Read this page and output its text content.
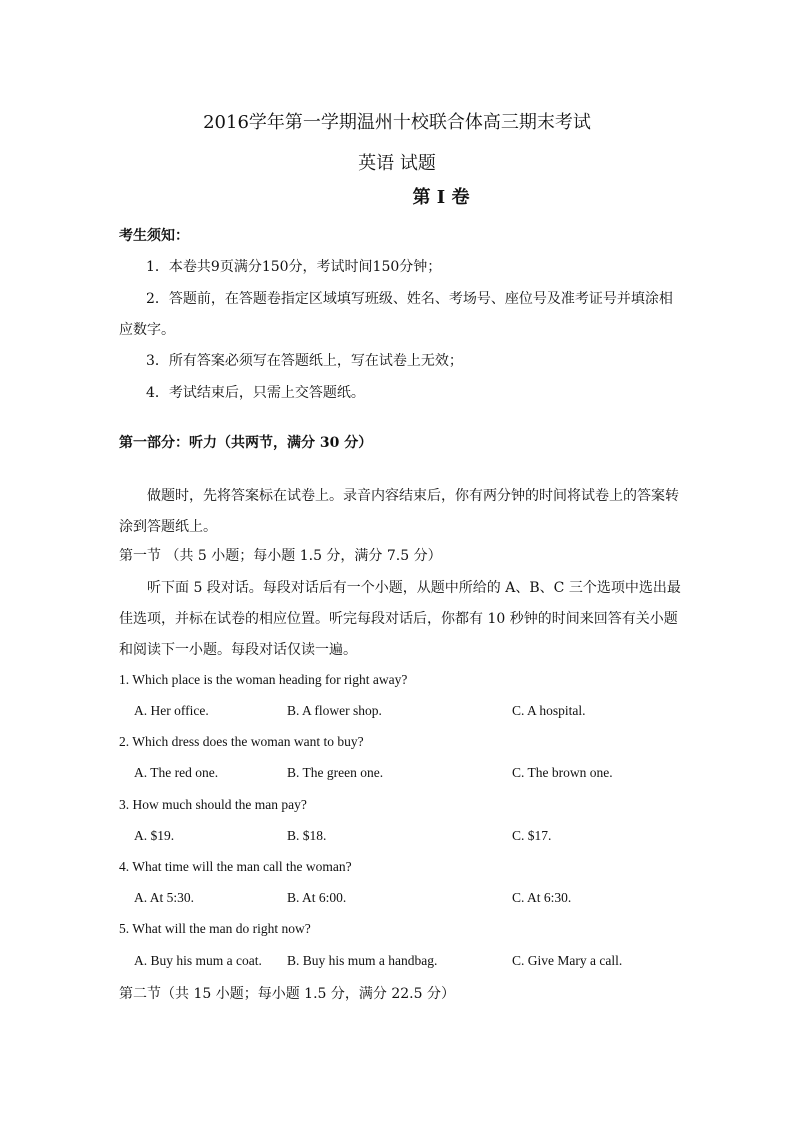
2016学年第一学期温州十校联合体高三期末考试
英语 试题
第 I 卷
考生须知：
1．本卷共9页满分150分，考试时间150分钟；
2．答题前，在答题卷指定区域填写班级、姓名、考场号、座位号及准考证号并填涂相
应数字。
3．所有答案必须写在答题纸上，写在试卷上无效；
4．考试结束后，只需上交答题纸。
第一部分：听力（共两节，满分 30 分）
做题时，先将答案标在试卷上。录音内容结束后，你有两分钟的时间将试卷上的答案转
涂到答题纸上。
第一节 （共 5 小题；每小题 1.5 分，满分 7.5 分）
听下面 5 段对话。每段对话后有一个小题，从题中所给的 A、B、C 三个选项中选出最
佳选项，并标在试卷的相应位置。听完每段对话后，你都有 10 秒钟的时间来回答有关小题
和阅读下一小题。每段对话仅读一遍。
1. Which place is the woman heading for right away?
A. Her office.	B. A flower shop.	C. A hospital.
2. Which dress does the woman want to buy?
A. The red one.	B. The green one.	C. The brown one.
3. How much should the man pay?
A. $19.	B. $18.	C. $17.
4. What time will the man call the woman?
A. At 5:30.	B. At 6:00.	C. At 6:30.
5. What will the man do right now?
A. Buy his mum a coat. B. Buy his mum a handbag.	C. Give Mary a call.
第二节（共 15 小题；每小题 1.5 分，满分 22.5 分）
